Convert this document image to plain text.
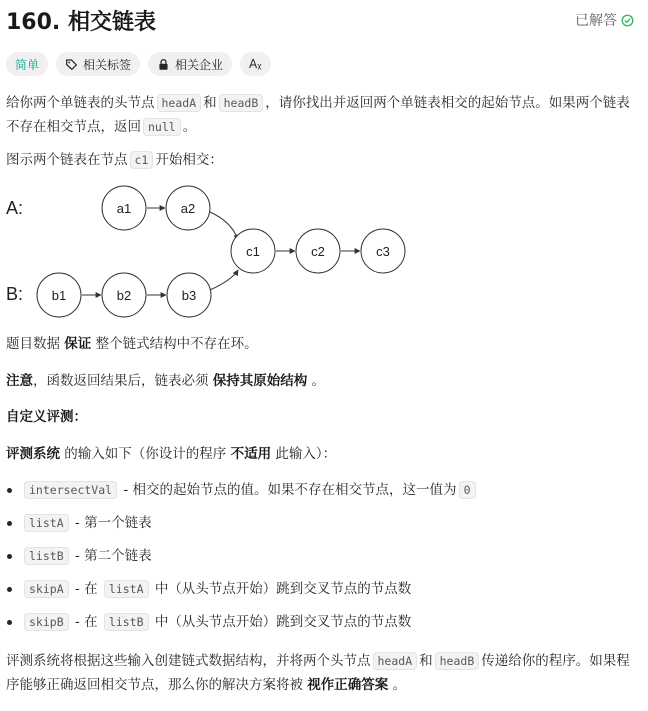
160. 相交链表	已解答
简单	相关标签	相关企业 Aᵪ
给你两个单链表的头节点 headA 和 headB ，请你找出并返回两个单链表相交的起始节点。如果两个链表不存在相交节点，返回 null 。
图示两个链表在节点 c1 开始相交：
A:
B:
a1	a2
c1	c2	c3
b1	b2	b3
题目数据 保证 整个链式结构中不存在环。
注意，函数返回结果后，链表必须 保持其原始结构 。
自定义评测：
评测系统 的输入如下（你设计的程序 不适用 此输入）：
intersectVal - 相交的起始节点的值。如果不存在相交节点，这一值为 0
listA - 第一个链表
listB - 第二个链表
skipA - 在 listA 中（从头节点开始）跳到交叉节点的节点数
skipB - 在 listB 中（从头节点开始）跳到交叉节点的节点数
评测系统将根据这些输入创建链式数据结构，并将两个头节点 headA 和 headB 传递给你的程序。如果程序能够正确返回相交节点，那么你的解决方案将被 视作正确答案 。
